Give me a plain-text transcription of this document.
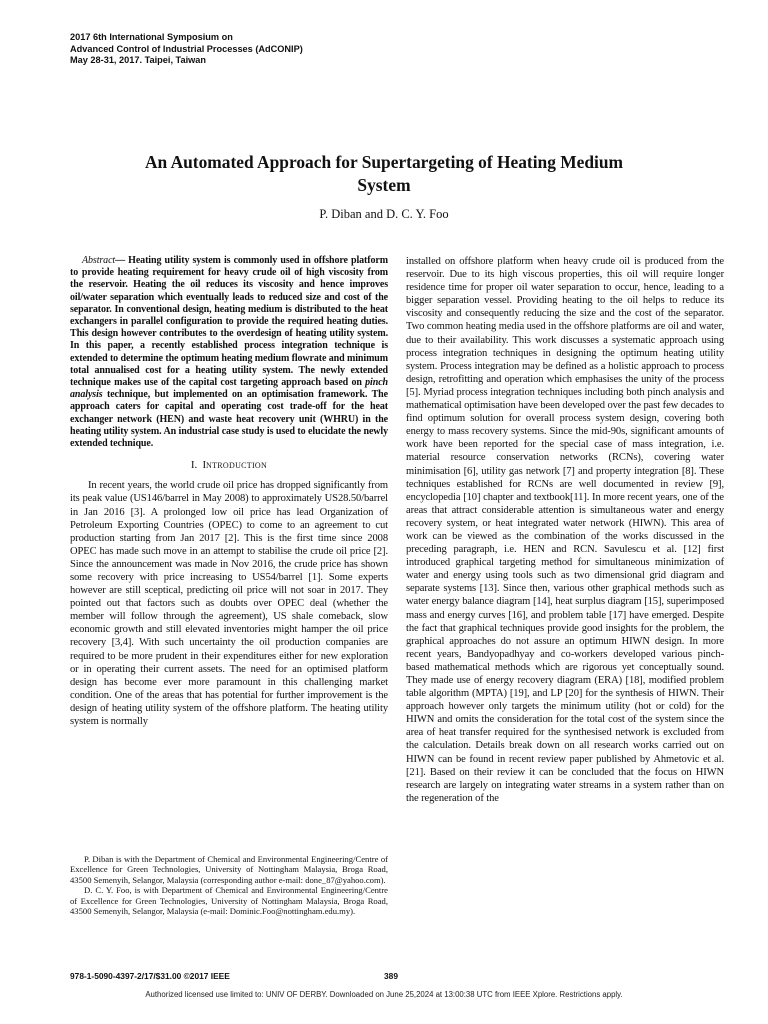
2017 6th International Symposium on
Advanced Control of Industrial Processes (AdCONIP)
May 28-31, 2017. Taipei, Taiwan
An Automated Approach for Supertargeting of Heating Medium
System
P. Diban and D. C. Y. Foo

Abstract— Heating utility system is commonly used in offshore platform to provide heating requirement for heavy crude oil of high viscosity from the reservoir. Heating the oil reduces its viscosity and hence improves oil/water separation which eventually leads to reduced size and cost of the separator. In conventional design, heating medium is distributed to the heat exchangers in parallel configuration to provide the required heating duties. This design however contributes to the overdesign of heating utility system. In this paper, a recently established process integration technique is extended to determine the optimum heating medium flowrate and minimum total annualised cost for a heating utility system. The newly extended technique makes use of the capital cost targeting approach based on pinch analysis technique, but implemented on an optimisation framework. The approach caters for capital and operating cost trade-off for the heat exchanger network (HEN) and waste heat recovery unit (WHRU) in the heating utility system. An industrial case study is used to elucidate the newly extended technique.

I. Introduction

In recent years, the world crude oil price has dropped significantly from its peak value (US146/barrel in May 2008) to approximately US28.50/barrel in Jan 2016 [3]. A prolonged low oil price has lead Organization of Petroleum Exporting Countries (OPEC) to come to an agreement to cut production starting from Jan 2017 [2]. This is the first time since 2008 OPEC has made such move in an attempt to stabilise the crude oil price [2]. Since the announcement was made in Nov 2016, the crude price has shown some recovery with price increasing to US54/barrel [1]. Some experts however are still sceptical, predicting oil price will not soar in 2017. They pointed out that factors such as doubts over OPEC deal (whether the member will follow through the agreement), US shale comeback, slow economic growth and still elevated inventories might hamper the oil price recovery [3,4]. With such uncertainty the oil production companies are required to be more prudent in their expenditures either for new exploration or in operating their current assets. The need for an optimised platform design has become ever more paramount in this challenging market condition. One of the areas that has potential for further improvement is the design of heating utility system of the offshore platform. The heating utility system is normally

installed on offshore platform when heavy crude oil is produced from the reservoir. Due to its high viscous properties, this oil will require longer residence time for proper oil water separation to occur, hence, leading to a bigger separation vessel. Providing heating to the oil helps to reduce its viscosity and consequently reducing the size and the cost of the separator. Two common heating media used in the offshore platforms are oil and water, due to their availability. This work discusses a systematic approach using process integration techniques in designing the optimum heating utility system. Process integration may be defined as a holistic approach to process design, retrofitting and operation which emphasises the unity of the process [5]. Myriad process integration techniques including both pinch analysis and mathematical optimisation have been developed over the past few decades to find optimum solution for overall process system design, covering both energy to mass recovery systems. Since the mid-90s, significant amounts of work have been reported for the special case of mass integration, i.e. material resource conservation networks (RCNs), covering water minimisation [6], utility gas network [7] and property integration [8]. These techniques established for RCNs are well documented in review [9], encyclopedia [10] chapter and textbook[11]. In more recent years, one of the areas that attract considerable attention is simultaneous water and energy recovery system, or heat integrated water network (HIWN). This area of work can be viewed as the combination of the works discussed in the preceding paragraph, i.e. HEN and RCN. Savulescu et al. [12] first introduced graphical targeting method for simultaneous minimization of water and energy using tools such as two dimensional grid diagram and separate systems [13]. Since then, various other graphical methods such as water energy balance diagram [14], heat surplus diagram [15], superimposed mass and energy curves [16], and problem table [17] have emerged. Despite the fact that graphical techniques provide good insights for the problem, the graphical approaches do not assure an optimum HIWN design. In more recent years, Bandyopadhyay and co-workers developed various pinch-based mathematical methods which are rigorous yet conceptually sound. They made use of energy recovery diagram (ERA) [18], modified problem table algorithm (MPTA) [19], and LP [20] for the synthesis of HIWN. Their approach however only targets the minimum utility (hot or cold) for the HIWN and omits the consideration for the total cost of the system since the area of heat transfer required for the synthesised network is excluded from the calculation. Details break down on all research works carried out on HIWN can be found in recent review paper published by Ahmetovic et al. [21]. Based on their review it can be concluded that the focus on HIWN research are largely on integrating water streams in a system rather than on the regeneration of the

P. Diban is with the Department of Chemical and Environmental Engineering/Centre of Excellence for Green Technologies, University of Nottingham Malaysia, Broga Road, 43500 Semenyih, Selangor, Malaysia (corresponding author e-mail: done_87@yahoo.com).

D. C. Y. Foo, is with Department of Chemical and Environmental Engineering/Centre of Excellence for Green Technologies, University of Nottingham Malaysia, Broga Road, 43500 Semenyih, Selangor, Malaysia (e-mail: Dominic.Foo@nottingham.edu.my).

978-1-5090-4397-2/17/$31.00 ©2017 IEEE	389
Authorized licensed use limited to: UNIV OF DERBY. Downloaded on June 25,2024 at 13:00:38 UTC from IEEE Xplore. Restrictions apply.
